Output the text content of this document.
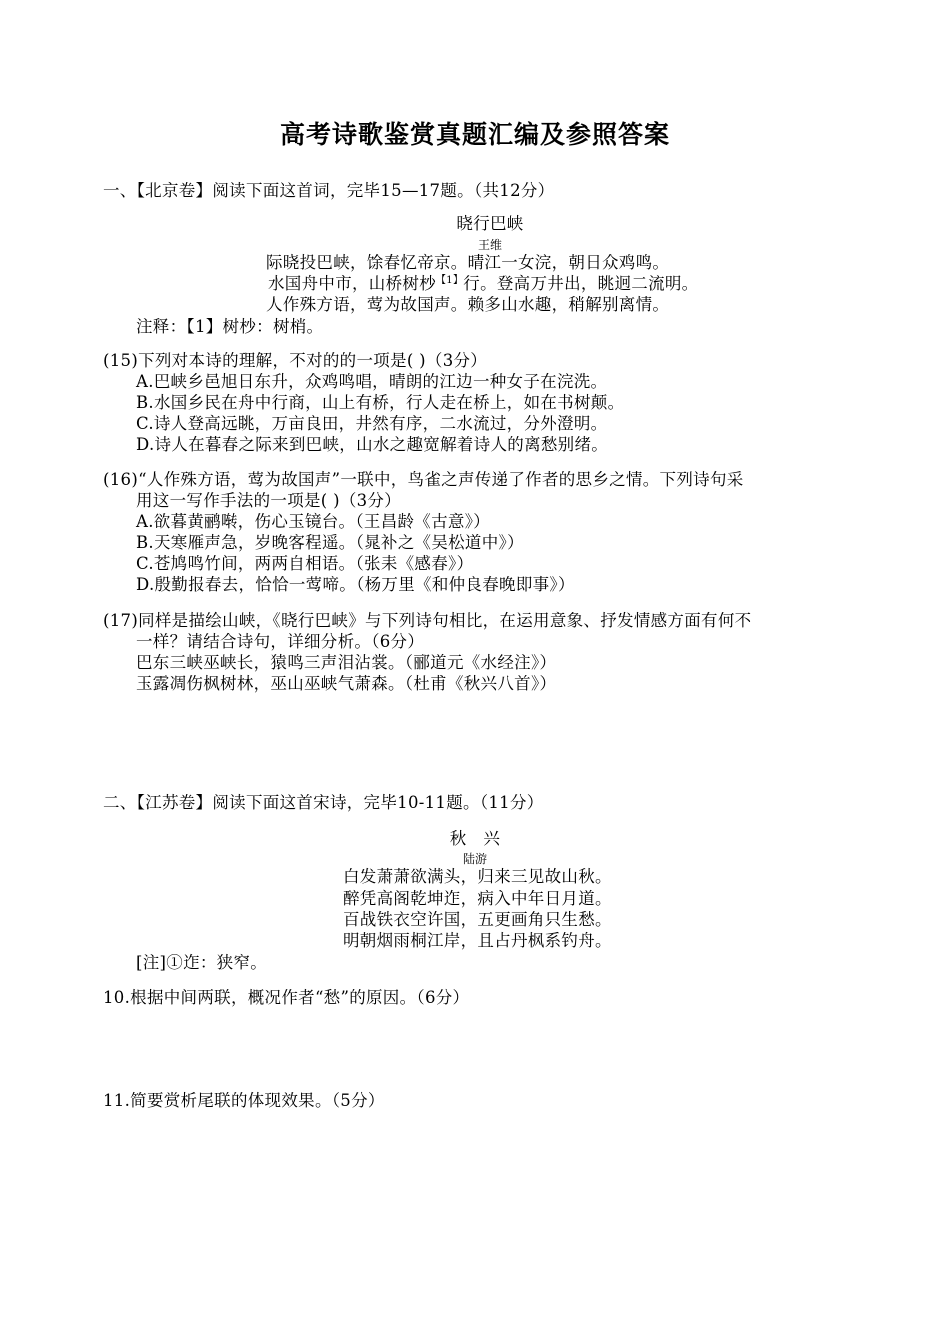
高考诗歌鉴赏真题汇编及参照答案
一、【北京卷】阅读下面这首词，完毕15—17题。（共12分）
晓行巴峡
王维
际晓投巴峡，馀春忆帝京。晴江一女浣，朝日众鸡鸣。
水国舟中市，山桥树杪$^{【1】}$行。登高万井出，眺迥二流明。
人作殊方语，莺为故国声。赖多山水趣，稍解别离情。
注释：【1】树杪：树梢。
(15)下列对本诗的理解，不对的的一项是( )（3分）
A.巴峡乡邑旭日东升，众鸡鸣唱，晴朗的江边一种女子在浣洗。
B.水国乡民在舟中行商，山上有桥，行人走在桥上，如在书树颠。
C.诗人登高远眺，万亩良田，井然有序，二水流过，分外澄明。
D.诗人在暮春之际来到巴峡，山水之趣宽解着诗人的离愁别绪。
(16)“人作殊方语，莺为故国声”一联中，鸟雀之声传递了作者的思乡之情。下列诗句采
用这一写作手法的一项是( )（3分）
A.欲暮黄鹂啭，伤心玉镜台。（王昌龄《古意》）
B.天寒雁声急，岁晚客程遥。（晁补之《吴松道中》）
C.苍鸠鸣竹间，两两自相语。（张耒《感春》）
D.殷勤报春去，恰恰一莺啼。（杨万里《和仲良春晚即事》）
(17)同样是描绘山峡，《晓行巴峡》与下列诗句相比，在运用意象、抒发情感方面有何不
一样？请结合诗句，详细分析。（6分）
巴东三峡巫峡长，猿鸣三声泪沾裳。（郦道元《水经注》）
玉露凋伤枫树林，巫山巫峡气萧森。（杜甫《秋兴八首》）
二、【江苏卷】阅读下面这首宋诗，完毕10-11题。（11分）
秋　兴
陆游
白发萧萧欲满头，归来三见故山秋。
醉凭高阁乾坤迮，病入中年日月道。
百战铁衣空许国，五更画角只生愁。
明朝烟雨桐江岸，且占丹枫系钓舟。
[注]①迮：狭窄。
10.根据中间两联，概况作者“愁”的原因。（6分）
11.简要赏析尾联的体现效果。（5分）
